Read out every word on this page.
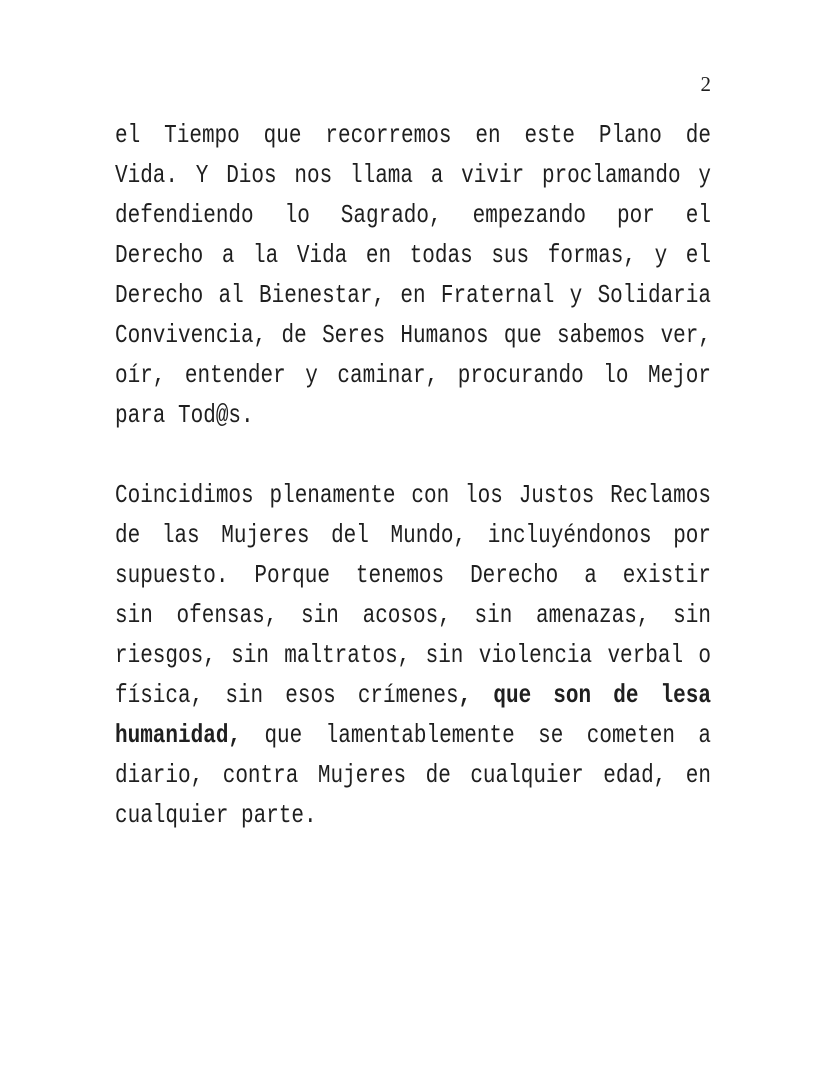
2
el Tiempo que recorremos en este Plano de
Vida. Y Dios nos llama a vivir proclamando y
defendiendo lo Sagrado, empezando por el
Derecho a la Vida en todas sus formas, y el
Derecho al Bienestar, en Fraternal y Solidaria
Convivencia, de Seres Humanos que sabemos ver,
oír, entender y caminar, procurando lo Mejor
para Tod@s.
Coincidimos plenamente con los Justos Reclamos
de las Mujeres del Mundo, incluyéndonos por
supuesto. Porque tenemos Derecho a existir
sin ofensas, sin acosos, sin amenazas, sin
riesgos, sin maltratos, sin violencia verbal o
física, sin esos crímenes, que son de lesa
humanidad, que lamentablemente se cometen a
diario, contra Mujeres de cualquier edad, en
cualquier parte.
